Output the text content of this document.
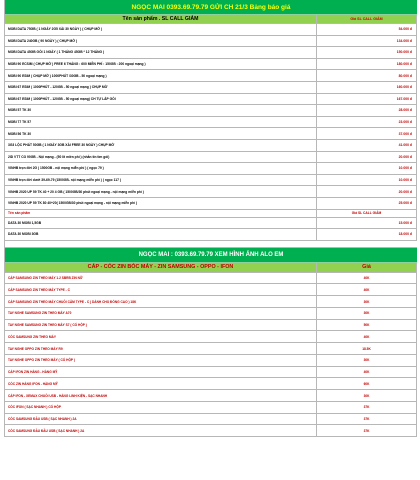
NGỌC MAI 0393.69.79.79 GỬI CH 21/3 Bảng báo giá
Tên sản phẩm . SL CALL GIẢM	Giá SL CALL GIẢM
MOBI DATA 75GB ( 1 NGÀY 2G5 XÀI 30 NGÀY ) ( CHỤP MỜ )	54.000 đ
MOBI DATA 240GB ( 90 NGÀY ) ( CHỤP MỜ )	134.000 đ
MOBI DATA 45GB GÓI 1 NGÀY ( 1 THÁNG 45GB * 12 THÁNG )	150.000 đ
MOBI 90 ECSIM ( CHỤP MỜ ) FREE 6 THÁNG : 600 MIỀN PHÍ : 150GB : 200 ngoại mạng )	180.000 đ
MOBI 90 ESIM ( CHỤP MỜ ) 1000PHÚT /30GB - 50 ngoại mạng )	80.000 đ
MOBI 67 ESIM ( 1000PHÚT - 120GB - 50 ngoại mạng ) CHỤP MỜ	160.000 đ
MOBI 67 ESIM ( 1000PHÚT - 120GB - 50 ngoại mạng) CH TỰ LẮP GÓI	167.000 đ
MOBI 57 TK 30	28.000 đ
MOBI 77 TK 57	23.000 đ
MOBI 56 TK 30	37.000 đ
3G3 LỘC PHÁT 50GB ( 1 NGÀY 3GB XÀI FREE 30 NGÀY ) CHỤP MỜ	41.000 đ
2ID VTT CO 90GB - Nội mạng - (50 lit miền phí ) (nhắn tin tìm gói)	20.000 đ
VINHB trọn đời 2G ( 1500GB - nội mạng miễn phí ) ( ngọc 79 )	10.000 đ
VINHB trọn đời dưới 39-69-79 (1500GB- nội mạng miễn phí ) ( ngọc 117 )	10.000 đ
VINHB 2020 UP 59 TK 40 + 20 4 GB ( 1500GB/30 phút ngoại mạng - nội mạng miễn phí )	20.000 đ
VINHB 2020 UP 59 TK 80 40+20( 1500GB/30 phút ngoại mạng - nội mạng miễn phí )	25.000 đ
Tên sản phẩm	Giá SL CALL GIẢM
DATA 30 MOBI 1,5GB	15.000 đ
DATA 30 MOBI 3GB	18.000 đ
NGỌC MAI : 0393.69.79.79 XEM HÌNH ẢNH ALO EM
CÁP - CÓC ZIN BÓC MÁY - ZIN SAMSUNG - OPPO - IFON	Giá
CÁP SAMSUNG ZIN THEO MÁY 1.2 SBRB ZIN NỮ	40K
CÁP SAMSUNG ZIN THEO MÁY TYPE - C	40K
CÁP SAMSUNG ZIN THEO MÁY CHUỖI CẢM TYPE - C ( DÀNH CHO ĐÓNG CAO ) 18K	30K
TAY NGHE SAMSUNG ZIN THEO MÁY A70	30K
TAY NGHE SAMSUNG ZIN THEO MÁY S7 ( CÓ HỘP )	50K
CÓC SAMSUNG ZIN THEO MÁY	40K
TAY NGHE OPPO ZIN THEO MÁY R9	18.5K
TAY NGHE OPPO ZIN THEO MÁY ( CÓ HỘP )	30K
CÁP IFON ZIN HÀNG - HÀNG MỸ	40K
CÓC ZIN HÀNG IFON - HÀNG MỸ	60K
CÁP IFON - XEMAX CHUỖI USB - HÀNG LINH KIỆN - SẠC NHANH	30K
CÓC IFON ( SẠC NHANH ) CÓ HỘP	37K
CÓC SAMSUNG ĐẦU USB ( SẠC NHANH ) 2A	37K
CÓC SAMSUNG ĐẦU ĐẦU USB ( SẠC NHANH ) 2A	37K
